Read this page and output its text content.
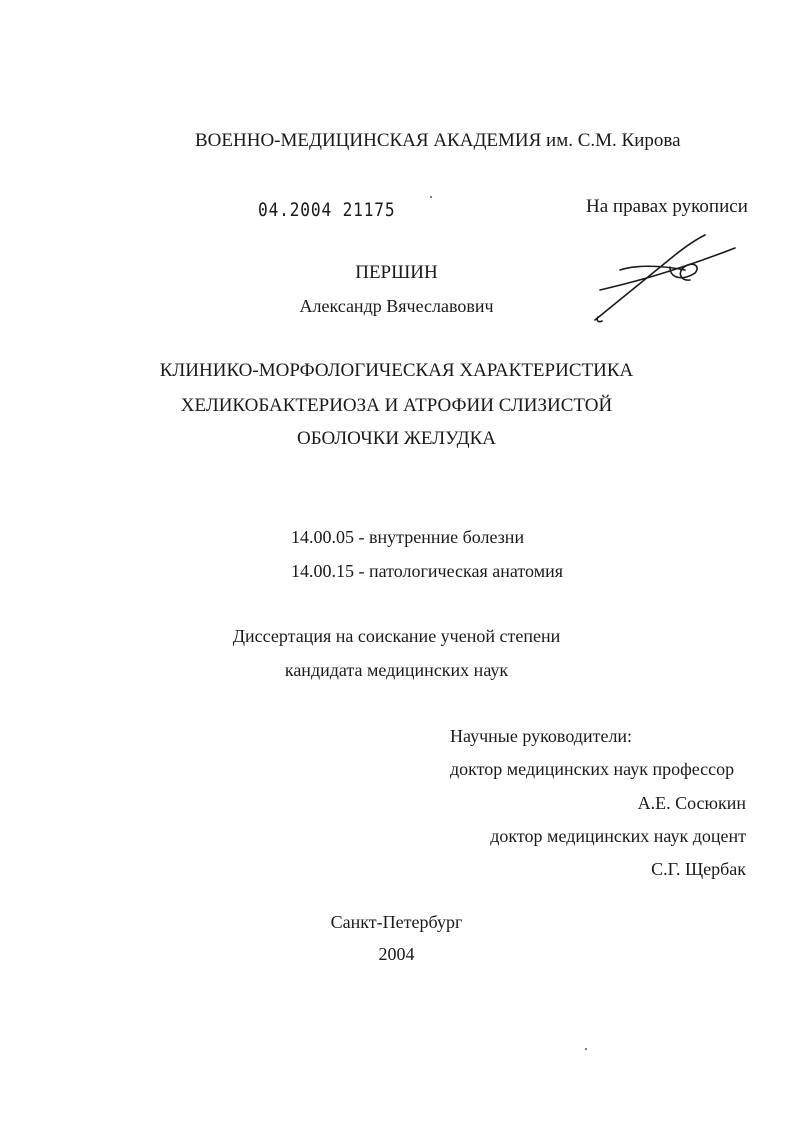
ВОЕННО-МЕДИЦИНСКАЯ АКАДЕМИЯ им. С.М. Кирова
04.2004 21175	На правах рукописи
ПЕРШИН
Александр Вячеславович
КЛИНИКО-МОРФОЛОГИЧЕСКАЯ ХАРАКТЕРИСТИКА
ХЕЛИКОБАКТЕРИОЗА И АТРОФИИ СЛИЗИСТОЙ
ОБОЛОЧКИ ЖЕЛУДКА
14.00.05 - внутренние болезни
14.00.15 - патологическая анатомия
Диссертация на соискание ученой степени
кандидата медицинских наук
Научные руководители:
доктор медицинских наук профессор
А.Е. Сосюкин
доктор медицинских наук доцент
С.Г. Щербак
Санкт-Петербург
2004
